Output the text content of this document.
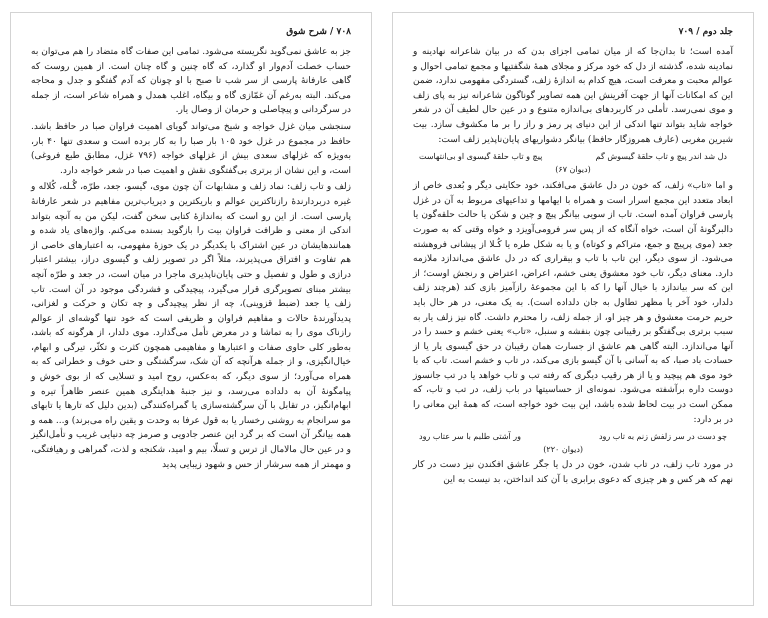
۷۰۸ / شرح شوق

جز به عاشق نمی‌گوید نگریسته می‌شود. تمامی این صفات گاه متضاد را هم می‌توان به حساب خصلت آدم‌وار او گذارد، که گاه چنین و گاه چنان است. از همین روست که گاهی عارفانهٔ پارسی از سر شب تا صبح با او چونان که آدم گفتگو و جدل و محاجه می‌کند. البته به‌رغم آن غمّازی گاه و بیگاه، اغلب همدل و همراه شاعر است، از جمله در سرگردانی و پیچاصلی و حرمان از وصال یار.

سنجشی میان غزل خواجه و شیخ می‌تواند گویای اهمیت فراوان صبا در حافظ باشد. حافظ در مجموع در غزل خود ۱۰۵ بار صبا را به کار برده است و سعدی تنها ۴۰ بار، به‌ویژه که غزلهای سعدی بیش از غزلهای خواجه (۷۹۶ غزل، مطابق طبع فروغی) است، و این نشان از برتری بی‌گفتگوی نقش و اهمیت صبا در شعر خواجه دارد.

زلف و تاب زلف: نماد زلف و مشابهات آن چون موی، گیسو، جعد، طرّه، گُـله، کُلاله و غیره دربردارندهٔ رازناکترین عوالم و باریکترین و دیریاب‌ترین مفاهیم در شعر عارفانهٔ پارسی است. از این رو است که به‌اندازهٔ کتابی سخن گفت، لیکن من به آنچه بتواند اندکی از معنی و ظرافت فراوان بیت را بازگوید بسنده می‌کنم. واژه‌های یاد شده و همانندهایشان در عین اشتراک با یکدیگر در یک حوزهٔ مفهومی، به اعتبارهای خاصی از هم تفاوت و افتراق می‌پذیرند، مثلاً اگر در تصویر زلف و گیسوی دراز، بیشتر اعتبار درازی و طول و تفصیل و حتی پایان‌ناپذیری ماجرا در میان است، در جعد و طرّه آنچه بیشتر مبنای تصویرگری قرار می‌گیرد، پیچیدگی و فشردگی موجود در آن است. تاب زلف یا جعد (ضبط قزوینی)، چه از نظر پیچیدگی و چه تکان و حرکت و لغزانی، پدیدآورندهٔ حالات و مفاهیم فراوان و ظریفی است که خود تنها گوشه‌ای از عوالم رازناک موی را به تماشا و در معرض تأمل می‌گذارد. موی دلدار، از هرگونه که باشد، به‌طور کلی حاوی صفات و اعتبارها و مفاهیمی همچون کثرت و تکثّر، تیرگی و ابهام، خیال‌انگیزی، و از جمله هرآنچه که آن شک، سرگشتگی و حتی خوف و خطراتی که به همراه می‌آورد؛ از سوی دیگر، که به‌عکس، روح امید و تسلایی که از بوی خوش و پیامگونهٔ آن به دلداده می‌رسد، و نیز جنبهٔ هدایتگری همین عنصر ظاهراً تیره و ابهام‌انگیز، در تقابل با آن سرگشته‌سازی یا گمراه‌کنندگی (بدین دلیل که تارها یا تابهای مو سرانجام به روشنی رخسار یا به قول عرفا به وحدت و یقین راه می‌برند) و... همه و همه بیانگر آن است که بر گرد این عنصر جادویی و صرمز چه دنیایی غریب و تأمل‌انگیز و در عین حال مالامال از ترس و تسلّا، بیم و امید، شکنجه و لذت، گمراهی و رهیافتگی، و مهمتر از همه سرشار از حس و شهود زیبایی پدید

جلد دوم / ۷۰۹

آمده است؛ تا بدان‌جا که از میان تمامی اجزای بدن که در بیان شاعرانه نهادینه و نمادینه شده، گذشته از دل که خود مرکز و مجلای همهٔ شگفتیها و مجمع تمامی احوال و عوالم محبت و معرفت است، هیچ کدام به اندازهٔ زلف، گستردگی مفهومی ندارد، ضمن این که امکانات آنها از جهت آفرینش این همه تصاویر گوناگون شاعرانه نیز به پای زلف و موی نمی‌رسد. تأملی در کاربردهای بی‌اندازه متنوع و در عین حال لطیف آن در شعر خواجه شاید بتواند تنها اندکی از این دنیای پر رمز و راز را بر ما مکشوف سازد. بیت شیرین مغربی (عارف همروزگار حافظ) بیانگر دشواریهای پایان‌ناپذیر زلف است:

دل شد اندر پیچ و تاب حلقهٔ گیسوش گم
پیچ و تاب حلقهٔ گیسوی او بی‌انتهاست
(دیوان ۶۷)

و اما «تاب» زلف، که خون در دل عاشق می‌افکند، خود حکایتی دیگر و بُعدی خاص از ابعاد متعدد این مجمع اسرار است و همراه با ایهامها و تداعیهای مربوط به آن در غزل پارسی فراوان آمده است. تاب از سویی بیانگر پیچ و چین و شکن یا حالت حلقه‌گون یا دالبرگونهٔ آن است، خواه آنگاه که از پس سر فرومی‌آویزد و خواه وقتی که به صورت جعد (موی پرپیچ و جمع، متراکم و کوتاه) و یا به شکل طره یا کُـلا از پیشانی فروهشته می‌شود. از سوی دیگر، این تاب با تاب و بیقراری که در دل عاشق می‌اندازد ملازمه دارد. معنای دیگر، تاب خود معشوق یعنی خشم، اعراض، اعتراض و رنجش اوست؛ از این که سر بیاندازد با خیال آنها را که با این مجموعهٔ رازآمیز بازی کند (هرچند زلف دلدار، خود آخر یا مظهر تطاول به جان دلداده است). به یک معنی، در هر حال باید حریم حرمت معشوق و هر چیز او، از جمله زلف، را محترم داشت. گاه نیز زلف یار به سبب برتری بی‌گفتگو بر رقیبانی چون بنفشه و سنبل، «تاب» یعنی خشم و حسد را در آنها می‌اندازد. البته گاهی هم عاشق از جسارت همان رقیبان در حق گیسوی یار یا از حسادت باد صبا، که به آسانی با آن گیسو بازی می‌کند، در تاب و خشم است. تاب که با خود موی هم پیچید و یا از هر رقیب دیگری که رفته تب و تاب خواهد یا در تب جانسوز دوست داره برآشفته می‌شود. نمونه‌ای از حساسیتها در باب زلف، در تب و تاب، که ممکن است در بیت لحاظ شده باشد، این بیت خود خواجه است، که همهٔ این معانی را در بر دارد:

چو دست در سر زلفش زنم به تاب رود
ور آشتی طلبم با سر عتاب رود
(دیوان ۲۲۰)

در مورد تاب زلف، در تاب شدن، خون در دل یا جگر عاشق افکندن نیز دست در کار نهم که هر کس و هر چیزی که دعوی برابری با آن کند انداختن، بد نیست به این
